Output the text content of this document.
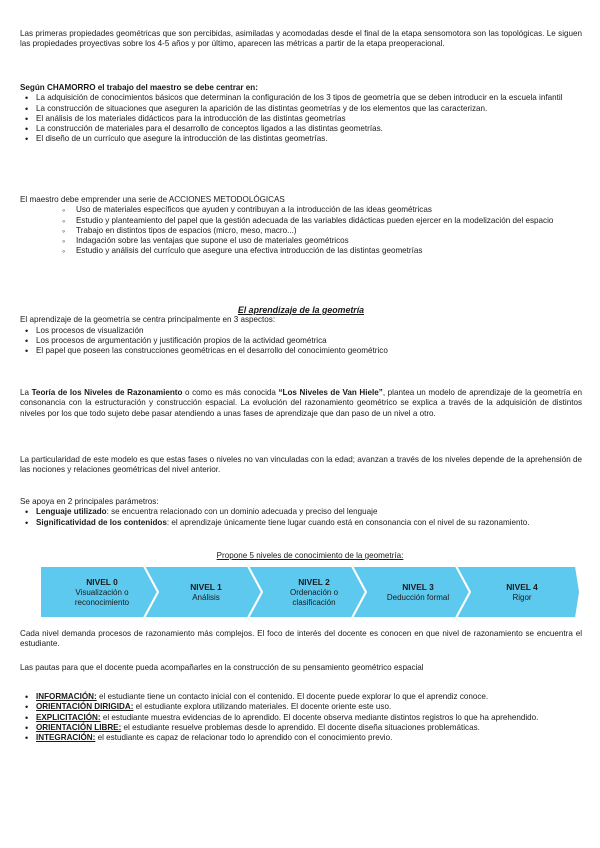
Las primeras propiedades geométricas que son percibidas, asimiladas y acomodadas desde el final de la etapa sensomotora son las topológicas. Le siguen las propiedades proyectivas sobre los 4-5 años y por último, aparecen las métricas a partir de la etapa preoperacional.

Según CHAMORRO el trabajo del maestro se debe centrar en:

• La adquisición de conocimientos básicos que determinan la configuración de los 3 tipos de geometría que se deben introducir en la escuela infantil
• La construcción de situaciones que aseguren la aparición de las distintas geometrías y de los elementos que las caracterizan.
• El análisis de los materiales didácticos para la introducción de las distintas geometrías
• La construcción de materiales para el desarrollo de conceptos ligados a las distintas geometrías.
• El diseño de un currículo que asegure la introducción de las distintas geometrías.

El maestro debe emprender una serie de ACCIONES METODOLÓGICAS

◦ Uso de materiales específicos que ayuden y contribuyan a la introducción de las ideas geométricas
◦ Estudio y planteamiento del papel que la gestión adecuada de las variables didácticas pueden ejercer en la modelización del espacio
◦ Trabajo en distintos tipos de espacios (micro, meso, macro...)
◦ Indagación sobre las ventajas que supone el uso de materiales geométricos
◦ Estudio y análisis del currículo que asegure una efectiva introducción de las distintas geometrías

El aprendizaje de la geometría

El aprendizaje de la geometría se centra principalmente en 3 aspectos:

• Los procesos de visualización
• Los procesos de argumentación y justificación propios de la actividad geométrica
• El papel que poseen las construcciones geométricas en el desarrollo del conocimiento geométrico

La Teoría de los Niveles de Razonamiento o como es más conocida “Los Niveles de Van Hiele”, plantea un modelo de aprendizaje de la geometría en consonancia con la estructuración y construcción espacial. La evolución del razonamiento geométrico se explica a través de la adquisición de distintos niveles por los que todo sujeto debe pasar atendiendo a unas fases de aprendizaje que dan paso de un nivel a otro.

La particularidad de este modelo es que estas fases o niveles no van vinculadas con la edad; avanzan a través de los niveles depende de la aprehensión de las nociones y relaciones geométricas del nivel anterior.

Se apoya en 2 principales parámetros:

• Lenguaje utilizado: se encuentra relacionado con un dominio adecuada y preciso del lenguaje
• Significatividad de los contenidos: el aprendizaje únicamente tiene lugar cuando está en consonancia con el nivel de su razonamiento.

Propone 5 niveles de conocimiento de la geometría:

NIVEL 0
Visualización o reconocimiento
NIVEL 1
Análisis
NIVEL 2
Ordenación o clasificación
NIVEL 3
Deducción formal
NIVEL 4
Rigor

Cada nivel demanda procesos de razonamiento más complejos. El foco de interés del docente es conocen en que nivel de razonamiento se encuentra el estudiante.

Las pautas para que el docente pueda acompañarles en la construcción de su pensamiento geométrico espacial

• INFORMACIÓN: el estudiante tiene un contacto inicial con el contenido. El docente puede explorar lo que el aprendiz conoce.
• ORIENTACIÓN DIRIGIDA: el estudiante explora utilizando materiales. El docente oriente este uso.
• EXPLICITACIÓN: el estudiante muestra evidencias de lo aprendido. El docente observa mediante distintos registros lo que ha aprehendido.
• ORIENTACIÓN LIBRE: el estudiante resuelve problemas desde lo aprendido. El docente diseña situaciones problemáticas.
• INTEGRACIÓN: el estudiante es capaz de relacionar todo lo aprendido con el conocimiento previo.
